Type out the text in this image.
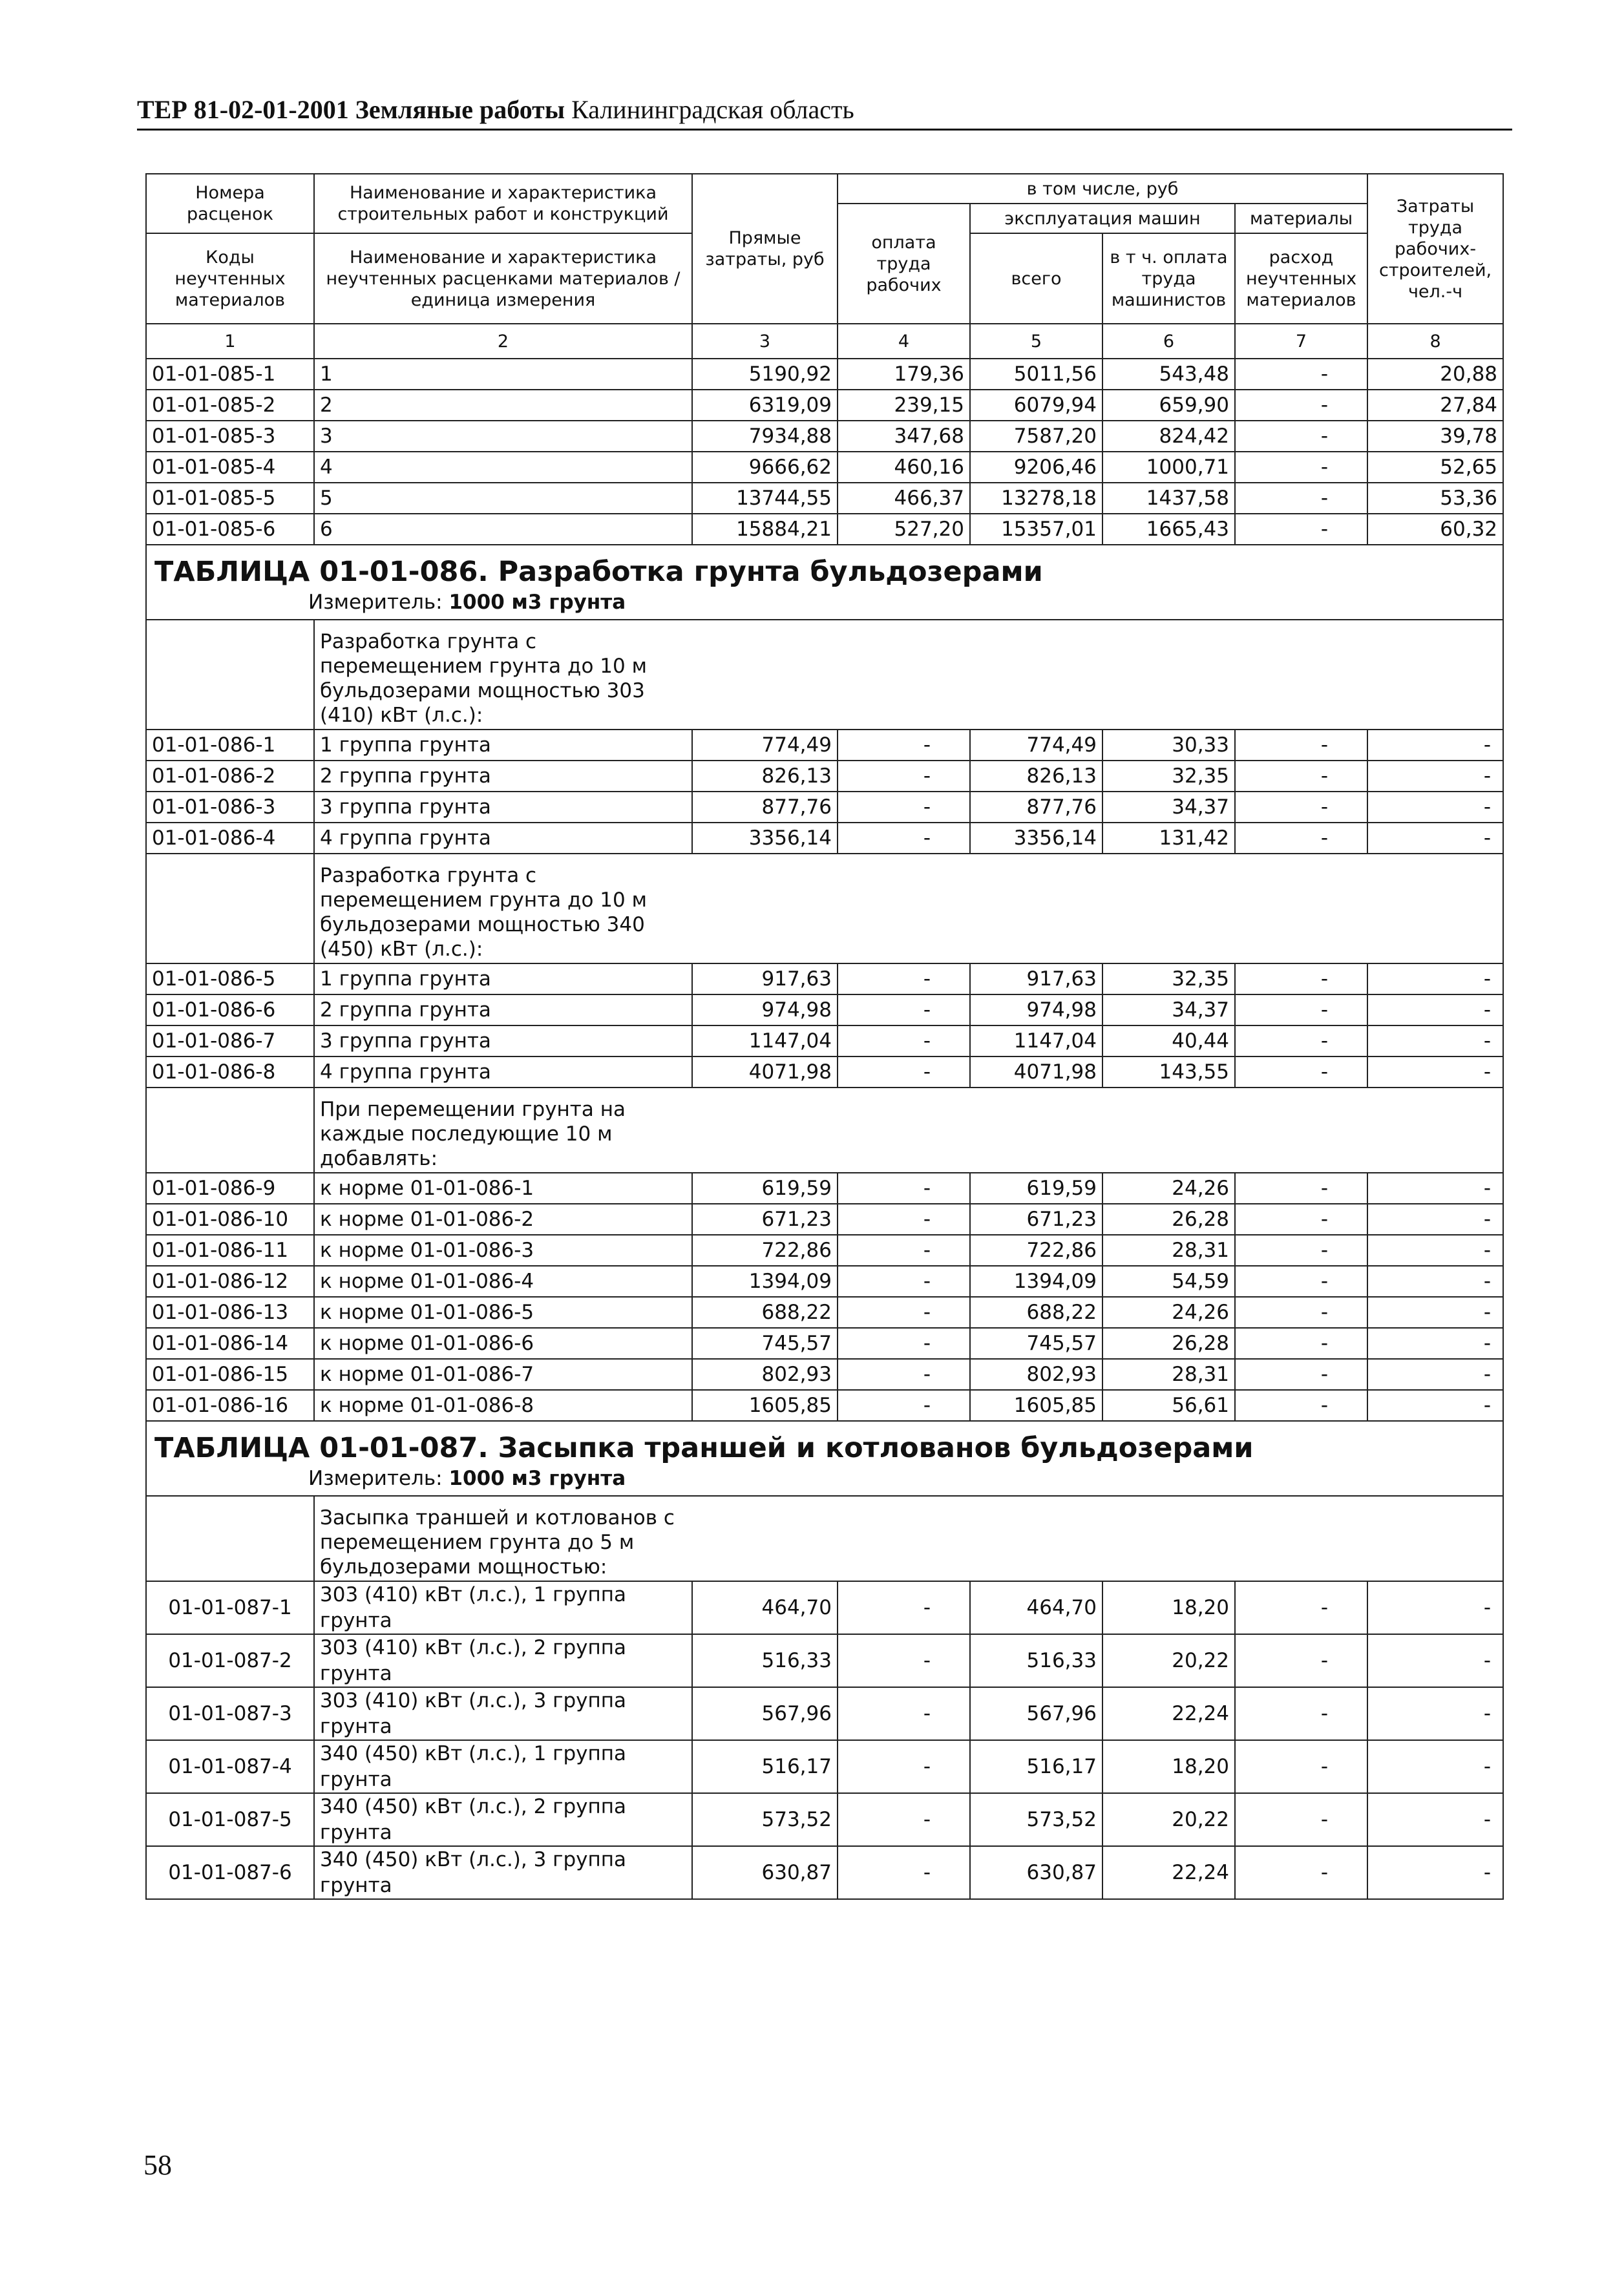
ТЕР 81-02-01-2001 Земляные работы Калининградская область
Номера расценок	Наименование и характеристика строительных работ и конструкций	Прямые затраты, руб	в том числе, руб				Затраты труда рабочих-строителей, чел.-ч
			оплата труда рабочих	эксплуатация машин		материалы	
Коды неучтенных материалов	Наименование и характеристика неучтенных расценками материалов / единица измерения			всего	в т ч. оплата труда машинистов	расход неучтенных материалов	

1	2	3	4	5	6	7	8
01-01-085-1	1	5190,92	179,36	5011,56	543,48	-	20,88
01-01-085-2	2	6319,09	239,15	6079,94	659,90	-	27,84
01-01-085-3	3	7934,88	347,68	7587,20	824,42	-	39,78
01-01-085-4	4	9666,62	460,16	9206,46	1000,71	-	52,65
01-01-085-5	5	13744,55	466,37	13278,18	1437,58	-	53,36
01-01-085-6	6	15884,21	527,20	15357,01	1665,43	-	60,32

ТАБЛИЦА 01-01-086. Разработка грунта бульдозерами							

Измеритель: 1000 м3 грунта							

	Разработка грунта с перемещением грунта до 10 м бульдозерами мощностью 303 (410) кВт (л.с.):						

01-01-086-1	1 группа грунта	774,49	-	774,49	30,33	-	-
01-01-086-2	2 группа грунта	826,13	-	826,13	32,35	-	-
01-01-086-3	3 группа грунта	877,76	-	877,76	34,37	-	-
01-01-086-4	4 группа грунта	3356,14	-	3356,14	131,42	-	-

	Разработка грунта с перемещением грунта до 10 м бульдозерами мощностью 340 (450) кВт (л.с.):						

01-01-086-5	1 группа грунта	917,63	-	917,63	32,35	-	-
01-01-086-6	2 группа грунта	974,98	-	974,98	34,37	-	-
01-01-086-7	3 группа грунта	1147,04	-	1147,04	40,44	-	-
01-01-086-8	4 группа грунта	4071,98	-	4071,98	143,55	-	-

	При перемещении грунта на каждые последующие 10 м добавлять:						

01-01-086-9	к норме 01-01-086-1	619,59	-	619,59	24,26	-	-
01-01-086-10	к норме 01-01-086-2	671,23	-	671,23	26,28	-	-
01-01-086-11	к норме 01-01-086-3	722,86	-	722,86	28,31	-	-
01-01-086-12	к норме 01-01-086-4	1394,09	-	1394,09	54,59	-	-
01-01-086-13	к норме 01-01-086-5	688,22	-	688,22	24,26	-	-
01-01-086-14	к норме 01-01-086-6	745,57	-	745,57	26,28	-	-
01-01-086-15	к норме 01-01-086-7	802,93	-	802,93	28,31	-	-
01-01-086-16	к норме 01-01-086-8	1605,85	-	1605,85	56,61	-	-

ТАБЛИЦА 01-01-087. Засыпка траншей и котлованов бульдозерами							

Измеритель: 1000 м3 грунта							

	Засыпка траншей и котлованов с перемещением грунта до 5 м бульдозерами мощностью:						

01-01-087-1	303 (410) кВт (л.с.), 1 группа грунта	464,70	-	464,70	18,20	-	-
01-01-087-2	303 (410) кВт (л.с.), 2 группа грунта	516,33	-	516,33	20,22	-	-
01-01-087-3	303 (410) кВт (л.с.), 3 группа грунта	567,96	-	567,96	22,24	-	-
01-01-087-4	340 (450) кВт (л.с.), 1 группа грунта	516,17	-	516,17	18,20	-	-
01-01-087-5	340 (450) кВт (л.с.), 2 группа грунта	573,52	-	573,52	20,22	-	-
01-01-087-6	340 (450) кВт (л.с.), 3 группа грунта	630,87	-	630,87	22,24	-	-
58
